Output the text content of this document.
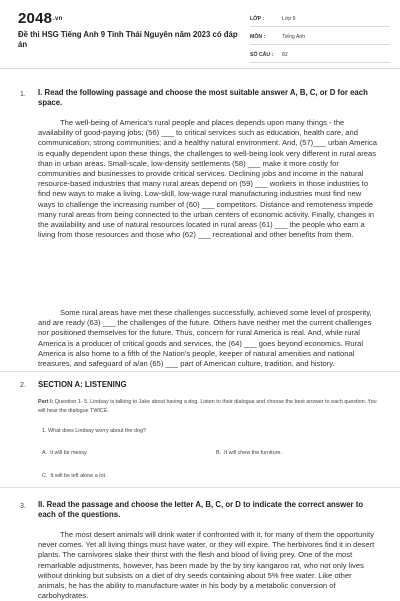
2048.vn
Đề thi HSG Tiếng Anh 9 Tỉnh Thái Nguyên năm 2023 có đáp án
LỚP :	Lớp 9
MÔN :	Tiếng Anh
SỐ CÂU :	82
1. I. Read the following passage and choose the most suitable answer A, B, C, or D for each space.

The well-being of America's rural people and places depends upon many things - the availability of good-paying jobs; (56) ___ to critical services such as education, health care, and communication; strong communities; and a healthy natural environment. And, (57)___ urban America is equally dependent upon these things, the challenges to well-being look very different in rural areas than in urban areas. Small-scale, low-density settlements (58) ___ make it more costly for communities and businesses to provide critical services. Declining jobs and income in the natural resource-based industries that many rural areas depend on (59) ___ workers in those industries to find new ways to make a living. Low-skill, low-wage rural manufacturing industries must find new ways to challenge the increasing number of (60) ___ competitors. Distance and remoteness impede many rural areas from being connected to the urban centers of economic activity. Finally, changes in the availability and use of natural resources located in rural areas (61) ___ the people who earn a living from those resources and those who (62) ___ recreational and other benefits from them.

Some rural areas have met these challenges successfully, achieved some level of prosperity, and are ready (63) ___ the challenges of the future. Others have neither met the current challenges nor positioned themselves for the future. Thus, concern for rural America is real. And, while rural America is a producer of critical goods and services, the (64) ___ goes beyond economics. Rural America is also home to a fifth of the Nation's people, keeper of natural amenities and national treasures, and safeguard of a/an (65) ___ part of American culture, tradition, and history.

2. SECTION A: LISTENING
Part I: Question 1- 5. Lindsay is talking to Jake about having a dog. Listen to their dialogue and choose the best answer to each question. You will hear the dialogue TWICE.
1. What does Lindsay worry about the dog?
A. It will be messy.	B. It will chew the furniture.
C. It will be left alone a lot.
3. II. Read the passage and choose the letter A, B, C, or D to indicate the correct answer to each of the questions.

The most desert animals will drink water if confronted with it, for many of them the opportunity never comes. Yet all living things must have water, or they will expire. The herbivores find it in desert plants. The carnivores slake their thirst with the flesh and blood of living prey. One of the most remarkable adjustments, however, has been made by the by tiny kangaroo rat, who not only lives without drinking but subsists on a diet of dry seeds containing about 5% free water. Like other animals, he has the ability to manufacture water in his body by a metabolic conversion of carbohydrates.
